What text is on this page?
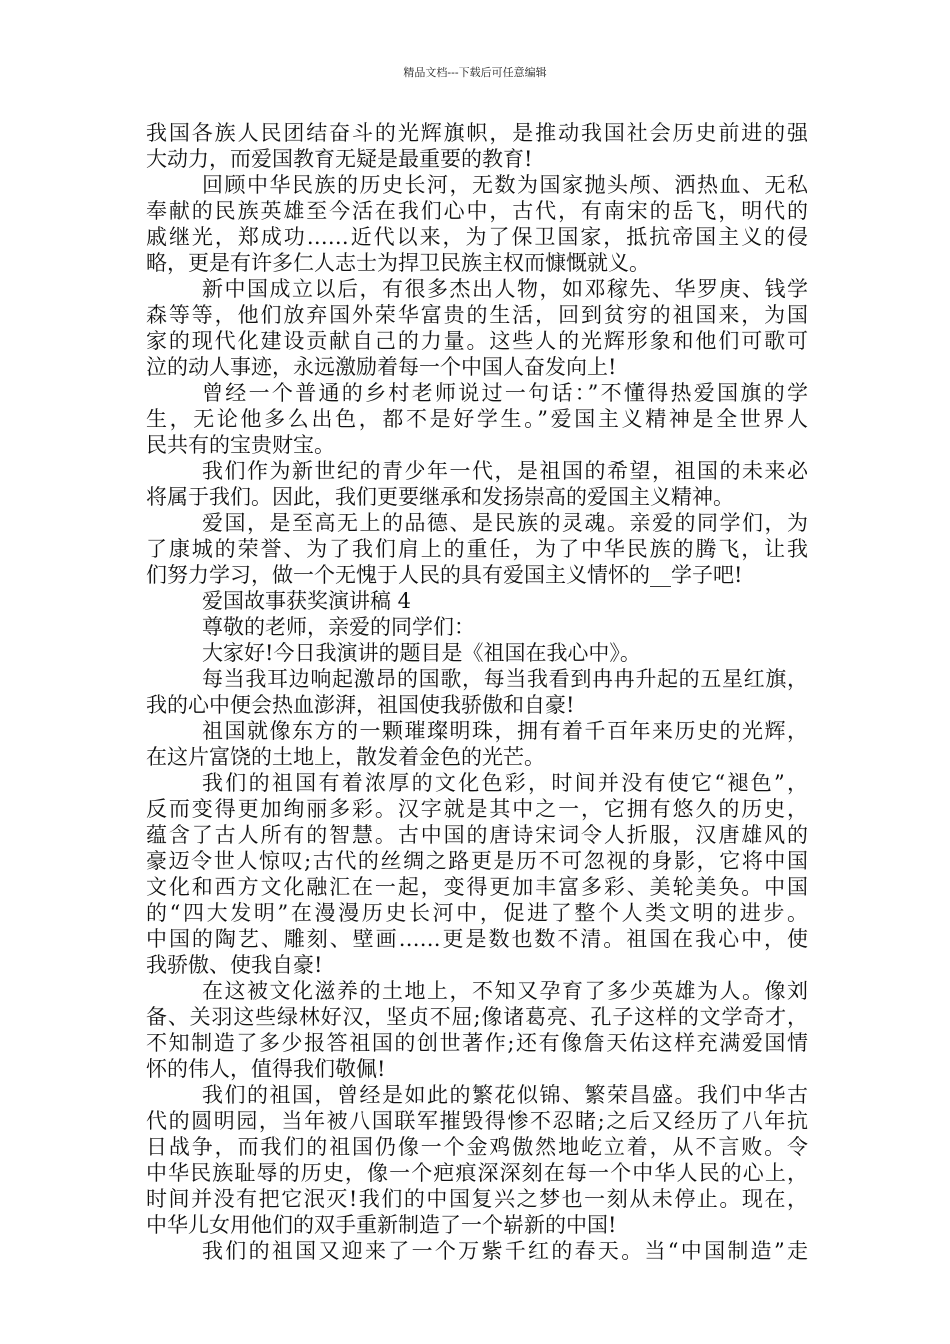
精品文档---下载后可任意编辑
我国各族人民团结奋斗的光辉旗帜，是推动我国社会历史前进的强
大动力，而爱国教育无疑是最重要的教育!
回顾中华民族的历史长河，无数为国家抛头颅、洒热血、无私
奉献的民族英雄至今活在我们心中，古代，有南宋的岳飞，明代的
戚继光，郑成功……近代以来，为了保卫国家，抵抗帝国主义的侵
略，更是有许多仁人志士为捍卫民族主权而慷慨就义。
新中国成立以后，有很多杰出人物，如邓稼先、华罗庚、钱学
森等等，他们放弃国外荣华富贵的生活，回到贫穷的祖国来，为国
家的现代化建设贡献自己的力量。这些人的光辉形象和他们可歌可
泣的动人事迹，永远激励着每一个中国人奋发向上!
曾经一个普通的乡村老师说过一句话：”不懂得热爱国旗的学
生，无论他多么出色，都不是好学生。”爱国主义精神是全世界人
民共有的宝贵财宝。
我们作为新世纪的青少年一代，是祖国的希望，祖国的未来必
将属于我们。因此，我们更要继承和发扬崇高的爱国主义精神。
爱国，是至高无上的品德、是民族的灵魂。亲爱的同学们，为
了康城的荣誉、为了我们肩上的重任，为了中华民族的腾飞，让我
们努力学习，做一个无愧于人民的具有爱国主义情怀的__学子吧!
爱国故事获奖演讲稿 4
尊敬的老师，亲爱的同学们：
大家好!今日我演讲的题目是《祖国在我心中》。
每当我耳边响起激昂的国歌，每当我看到冉冉升起的五星红旗，
我的心中便会热血澎湃，祖国使我骄傲和自豪!
祖国就像东方的一颗璀璨明珠，拥有着千百年来历史的光辉，
在这片富饶的土地上，散发着金色的光芒。
我们的祖国有着浓厚的文化色彩，时间并没有使它“褪色”，
反而变得更加绚丽多彩。汉字就是其中之一，它拥有悠久的历史，
蕴含了古人所有的智慧。古中国的唐诗宋词令人折服，汉唐雄风的
豪迈令世人惊叹;古代的丝绸之路更是历不可忽视的身影，它将中国
文化和西方文化融汇在一起，变得更加丰富多彩、美轮美奂。中国
的“四大发明”在漫漫历史长河中，促进了整个人类文明的进步。
中国的陶艺、雕刻、壁画……更是数也数不清。祖国在我心中，使
我骄傲、使我自豪!
在这被文化滋养的土地上，不知又孕育了多少英雄为人。像刘
备、关羽这些绿林好汉，坚贞不屈;像诸葛亮、孔子这样的文学奇才，
不知制造了多少报答祖国的创世著作;还有像詹天佑这样充满爱国情
怀的伟人，值得我们敬佩!
我们的祖国，曾经是如此的繁花似锦、繁荣昌盛。我们中华古
代的圆明园，当年被八国联军摧毁得惨不忍睹;之后又经历了八年抗
日战争，而我们的祖国仍像一个金鸡傲然地屹立着，从不言败。令
中华民族耻辱的历史，像一个疤痕深深刻在每一个中华人民的心上，
时间并没有把它泯灭!我们的中国复兴之梦也一刻从未停止。现在，
中华儿女用他们的双手重新制造了一个崭新的中国!
我们的祖国又迎来了一个万紫千红的春天。当“中国制造”走
